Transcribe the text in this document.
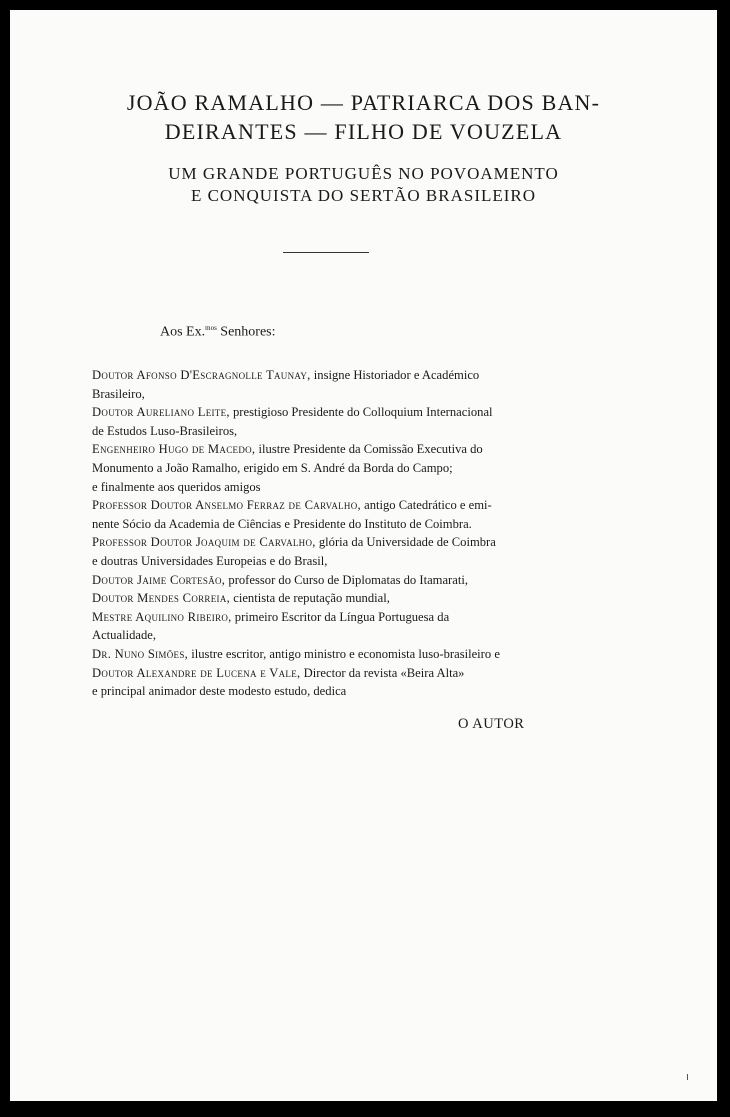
JOÃO RAMALHO — PATRIARCA DOS BAN-
DEIRANTES — FILHO DE VOUZELA
UM GRANDE PORTUGUÊS NO POVOAMENTO
E CONQUISTA DO SERTÃO BRASILEIRO
Aos Ex.$^{mos}$ Senhores:
Doutor Afonso D'Escragnolle Taunay, insigne Historiador e Académico
Brasileiro,
Doutor Aureliano Leite, prestigioso Presidente do Colloquium Internacional
de Estudos Luso-Brasileiros,
Engenheiro Hugo de Macedo, ilustre Presidente da Comissão Executiva do
Monumento a João Ramalho, erigido em S. André da Borda do Campo;
e finalmente aos queridos amigos
Professor Doutor Anselmo Ferraz de Carvalho, antigo Catedrático e emi-
nente Sócio da Academia de Ciências e Presidente do Instituto de Coimbra.
Professor Doutor Joaquim de Carvalho, glória da Universidade de Coimbra
e doutras Universidades Europeias e do Brasil,
Doutor Jaime Cortesão, professor do Curso de Diplomatas do Itamarati,
Doutor Mendes Correia, cientista de reputação mundial,
Mestre Aquilino Ribeiro, primeiro Escritor da Língua Portuguesa da
Actualidade,
Dr. Nuno Simões, ilustre escritor, antigo ministro e economista luso-brasileiro e
Doutor Alexandre de Lucena e Vale, Director da revista «Beira Alta»
e principal animador deste modesto estudo, dedica
O AUTOR
